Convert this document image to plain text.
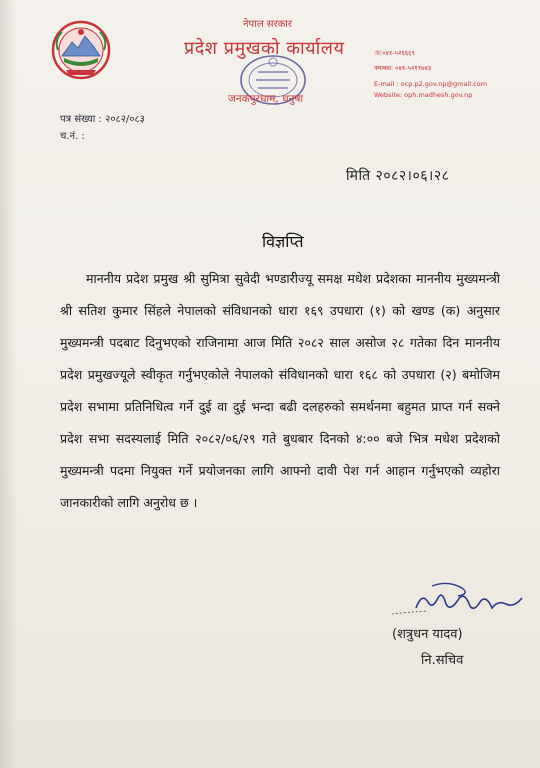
नेपाल सरकार
प्रदेश प्रमुखको कार्यालय
जनकपुरधाम, धनुषा
☏०४१-५२६६६९
फ्याक्स: ०४१-५२११७४३
E-mail : ocp.p2.gov.np@gmail.com
Website: oph.madhesh.gov.np
पत्र संख्या : २०८२/०८३
च.नं. :
मिति २०८२।०६।२८
विज्ञप्ति
माननीय प्रदेश प्रमुख श्री सुमित्रा सुवेदी भण्डारीज्यू समक्ष मधेश प्रदेशका माननीय मुख्यमन्त्री श्री सतिश कुमार सिंहले नेपालको संविधानको धारा १६९ उपधारा (१) को खण्ड (क) अनुसार मुख्यमन्त्री पदबाट दिनुभएको राजिनामा आज मिति २०८२ साल असोज २८ गतेका दिन माननीय प्रदेश प्रमुखज्यूले स्वीकृत गर्नुभएकोले नेपालको संविधानको धारा १६८ को उपधारा (२) बमोजिम प्रदेश सभामा प्रतिनिधित्व गर्ने दुई वा दुई भन्दा बढी दलहरुको समर्थनमा बहुमत प्राप्त गर्न सक्ने प्रदेश सभा सदस्यलाई मिति २०८२/०६/२९ गते बुधबार दिनको ४:०० बजे भित्र मधेश प्रदेशको मुख्यमन्त्री पदमा नियुक्त गर्ने प्रयोजनका लागि आफ्नो दावी पेश गर्न आहान गर्नुभएको व्यहोरा जानकारीको लागि अनुरोध छ ।
(शत्रुधन यादव)
नि.सचिव
